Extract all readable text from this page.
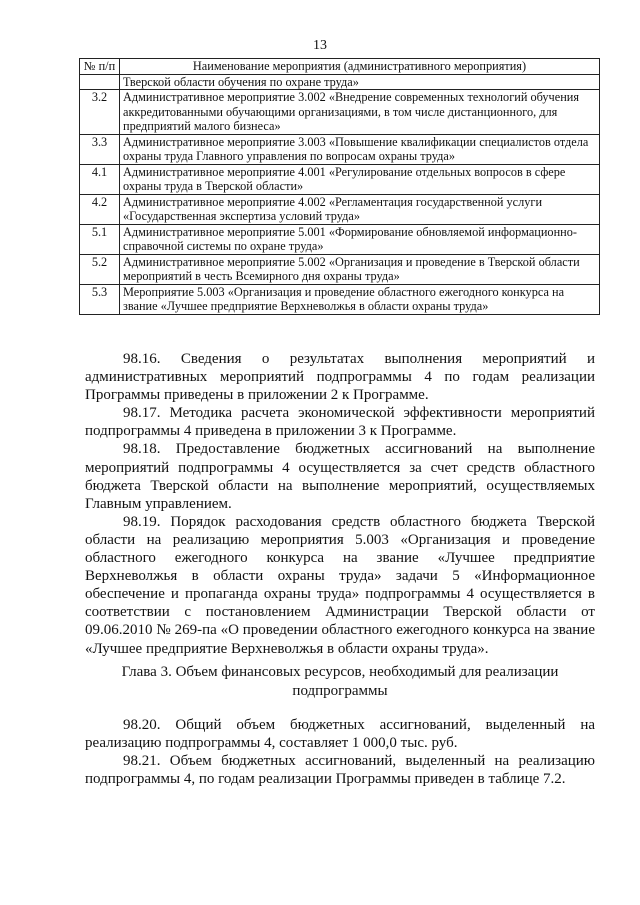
13
№ п/п	Наименование мероприятия (административного мероприятия)
	Тверской области обучения по охране труда»
3.2	Административное мероприятие 3.002 «Внедрение современных технологий обучения аккредитованными обучающими организациями, в том числе дистанционного, для предприятий малого бизнеса»
3.3	Административное мероприятие 3.003 «Повышение квалификации специалистов отдела охраны труда Главного управления по вопросам охраны труда»
4.1	Административное мероприятие 4.001 «Регулирование отдельных вопросов в сфере охраны труда в Тверской области»
4.2	Административное мероприятие 4.002 «Регламентация государственной услуги «Государственная экспертиза условий труда»
5.1	Административное мероприятие 5.001 «Формирование обновляемой информационно-справочной системы по охране труда»
5.2	Административное мероприятие 5.002 «Организация и проведение в Тверской области мероприятий в честь Всемирного дня охраны труда»
5.3	Мероприятие 5.003 «Организация и проведение областного ежегодного конкурса на звание «Лучшее предприятие Верхневолжья в области охраны труда»

98.16. Сведения о результатах выполнения мероприятий и административных мероприятий подпрограммы 4 по годам реализации Программы приведены в приложении 2 к Программе.

98.17. Методика расчета экономической эффективности мероприятий подпрограммы 4 приведена в приложении 3 к Программе.

98.18. Предоставление бюджетных ассигнований на выполнение мероприятий подпрограммы 4 осуществляется за счет средств областного бюджета Тверской области на выполнение мероприятий, осуществляемых Главным управлением.

98.19. Порядок расходования средств областного бюджета Тверской области на реализацию мероприятия 5.003 «Организация и проведение областного ежегодного конкурса на звание «Лучшее предприятие Верхневолжья в области охраны труда» задачи 5 «Информационное обеспечение и пропаганда охраны труда» подпрограммы 4 осуществляется в соответствии с постановлением Администрации Тверской области от 09.06.2010 № 269-па «О проведении областного ежегодного конкурса на звание «Лучшее предприятие Верхневолжья в области охраны труда».

Глава 3. Объем финансовых ресурсов, необходимый для реализации подпрограммы

98.20. Общий объем бюджетных ассигнований, выделенный на реализацию подпрограммы 4, составляет 1 000,0 тыс. руб.

98.21. Объем бюджетных ассигнований, выделенный на реализацию подпрограммы 4, по годам реализации Программы приведен в таблице 7.2.
